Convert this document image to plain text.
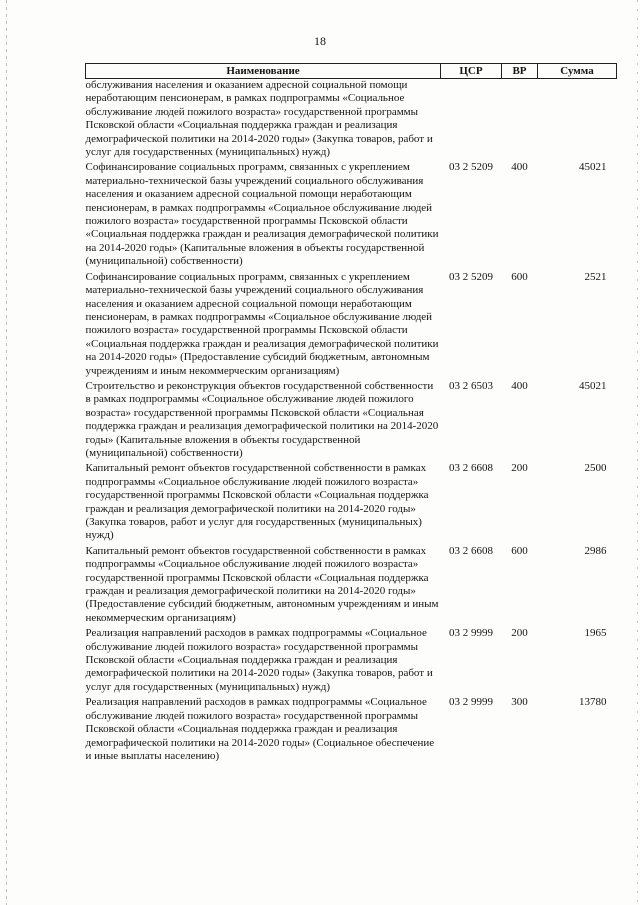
18
Наименование	ЦСР	ВР	Сумма
обслуживания населения и оказанием адресной социальной помощи неработающим пенсионерам, в рамках подпрограммы «Социальное обслуживание людей пожилого возраста» государственной программы Псковской области «Социальная поддержка граждан и реализация демографической политики на 2014-2020 годы» (Закупка товаров, работ и услуг для государственных (муниципальных) нужд)			
Софинансирование социальных программ, связанных с укреплением материально-технической базы учреждений социального обслуживания населения и оказанием адресной социальной помощи неработающим пенсионерам, в рамках подпрограммы «Социальное обслуживание людей пожилого возраста» государственной программы Псковской области «Социальная поддержка граждан и реализация демографической политики на 2014-2020 годы» (Капитальные вложения в объекты государственной (муниципальной) собственности)	03 2 5209	400	45021
Софинансирование социальных программ, связанных с укреплением материально-технической базы учреждений социального обслуживания населения и оказанием адресной социальной помощи неработающим пенсионерам, в рамках подпрограммы «Социальное обслуживание людей пожилого возраста» государственной программы Псковской области «Социальная поддержка граждан и реализация демографической политики на 2014-2020 годы» (Предоставление субсидий бюджетным, автономным учреждениям и иным некоммерческим организациям)	03 2 5209	600	2521
Строительство и реконструкция объектов государственной собственности в рамках подпрограммы «Социальное обслуживание людей пожилого возраста» государственной программы Псковской области «Социальная поддержка граждан и реализация демографической политики на 2014-2020 годы» (Капитальные вложения в объекты государственной (муниципальной) собственности)	03 2 6503	400	45021
Капитальный ремонт объектов государственной собственности в рамках подпрограммы «Социальное обслуживание людей пожилого возраста» государственной программы Псковской области «Социальная поддержка граждан и реализация демографической политики на 2014-2020 годы» (Закупка товаров, работ и услуг для государственных (муниципальных) нужд)	03 2 6608	200	2500
Капитальный ремонт объектов государственной собственности в рамках подпрограммы «Социальное обслуживание людей пожилого возраста» государственной программы Псковской области «Социальная поддержка граждан и реализация демографической политики на 2014-2020 годы» (Предоставление субсидий бюджетным, автономным учреждениям и иным некоммерческим организациям)	03 2 6608	600	2986
Реализация направлений расходов в рамках подпрограммы «Социальное обслуживание людей пожилого возраста» государственной программы Псковской области «Социальная поддержка граждан и реализация демографической политики на 2014-2020 годы» (Закупка товаров, работ и услуг для государственных (муниципальных) нужд)	03 2 9999	200	1965
Реализация направлений расходов в рамках подпрограммы «Социальное обслуживание людей пожилого возраста» государственной программы Псковской области «Социальная поддержка граждан и реализация демографической политики на 2014-2020 годы» (Социальное обеспечение и иные выплаты населению)	03 2 9999	300	13780
